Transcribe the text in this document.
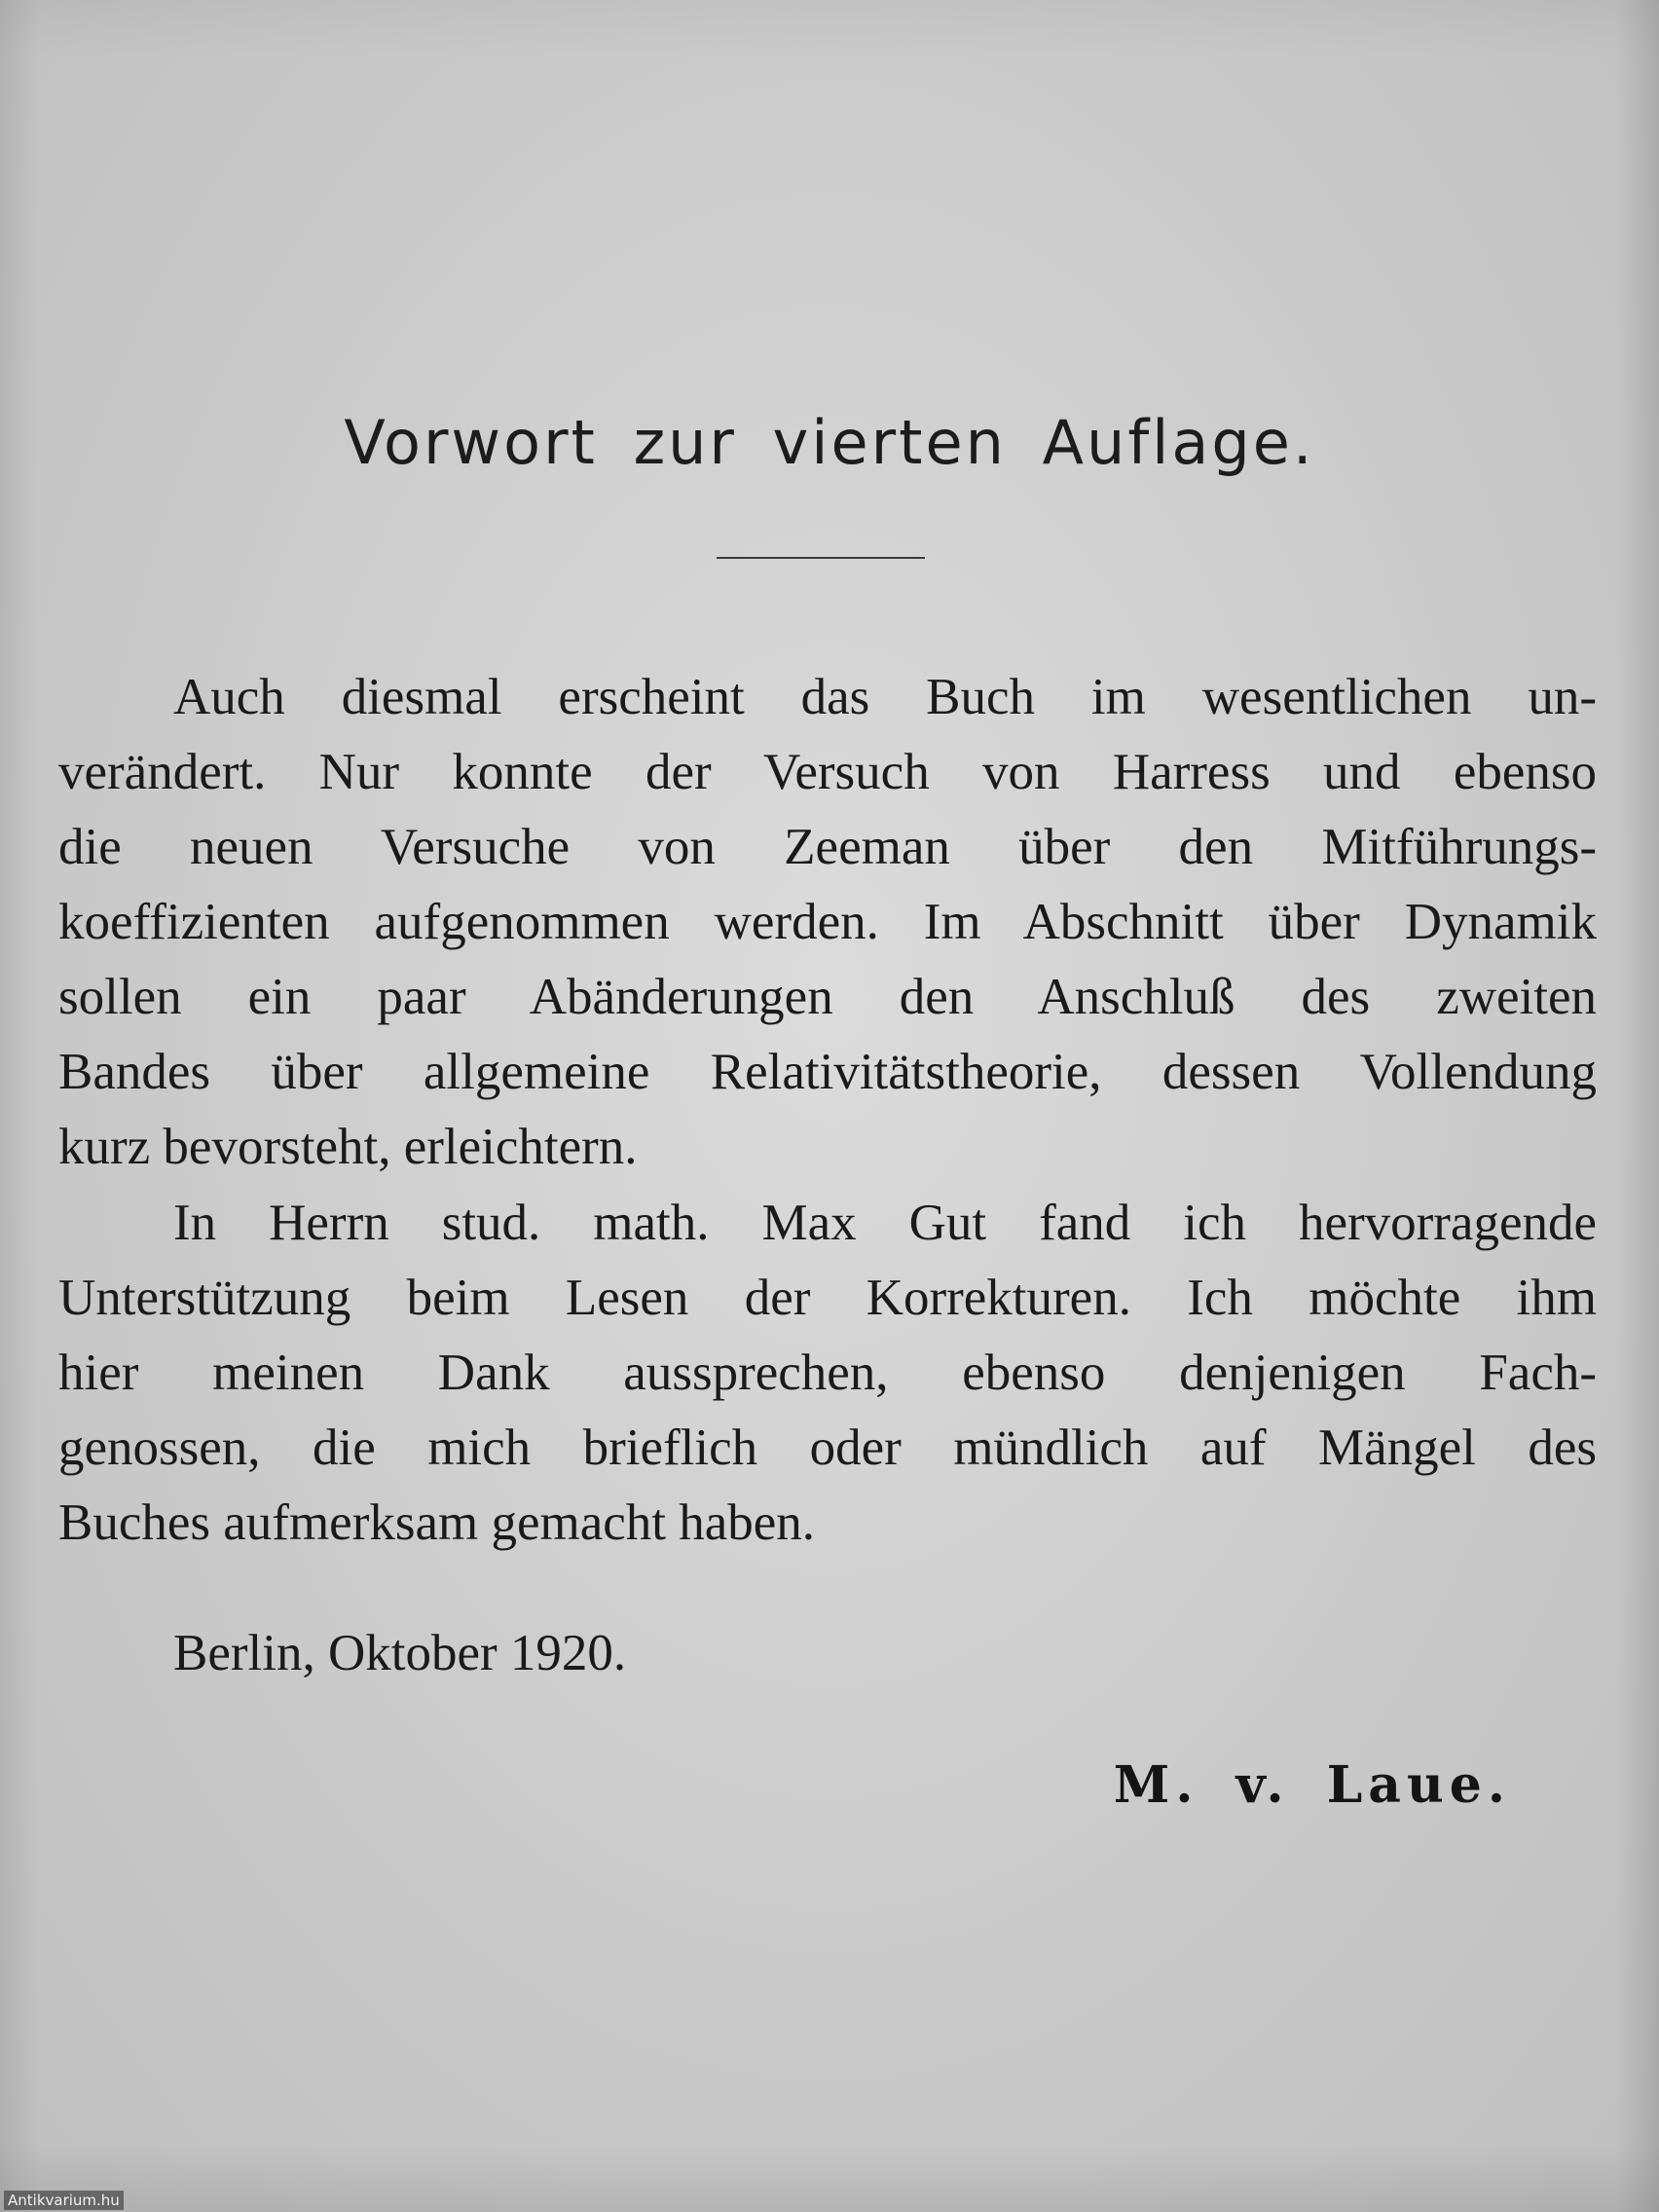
Vorwort zur vierten Auflage.
Auch diesmal erscheint das Buch im wesentlichen un-
verändert. Nur konnte der Versuch von Harress und ebenso
die neuen Versuche von Zeeman über den Mitführungs-
koeffizienten aufgenommen werden. Im Abschnitt über Dynamik
sollen ein paar Abänderungen den Anschluß des zweiten
Bandes über allgemeine Relativitätstheorie, dessen Vollendung
kurz bevorsteht, erleichtern.
In Herrn stud. math. Max Gut fand ich hervorragende
Unterstützung beim Lesen der Korrekturen. Ich möchte ihm
hier meinen Dank aussprechen, ebenso denjenigen Fach-
genossen, die mich brieflich oder mündlich auf Mängel des
Buches aufmerksam gemacht haben.
Berlin, Oktober 1920.
M. v. Laue.
Antikvarium.hu
